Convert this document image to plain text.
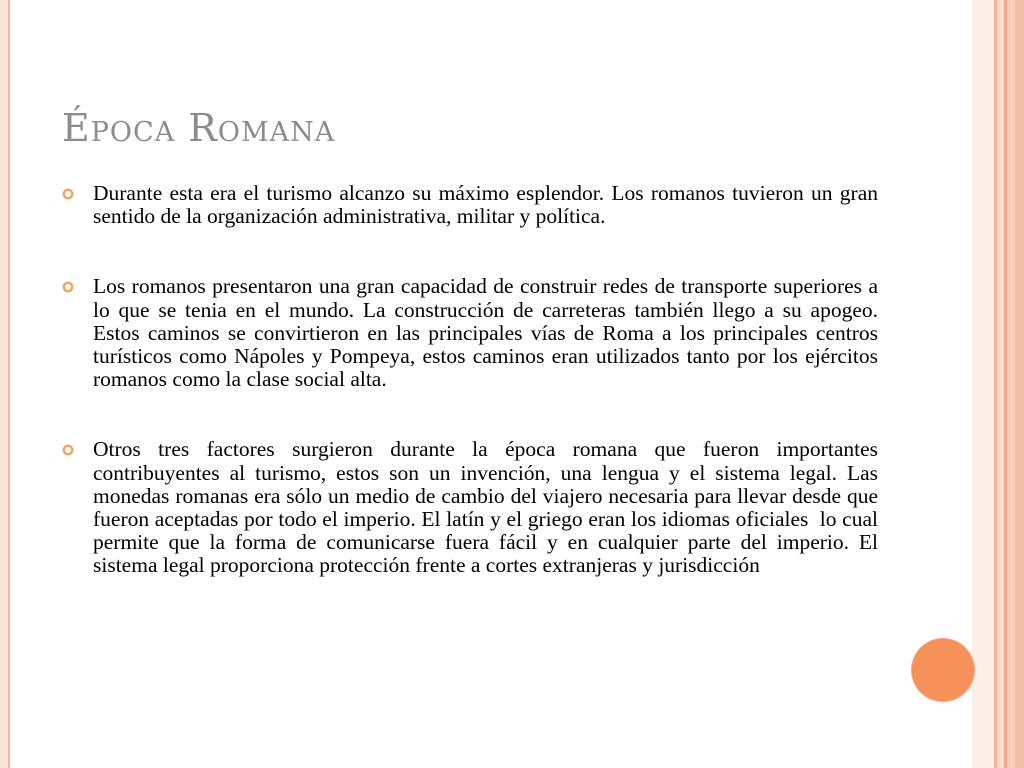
Época Romana

Durante esta era el turismo alcanzo su máximo esplendor. Los romanos tuvieron un gran sentido de la organización administrativa, militar y política.

Los romanos presentaron una gran capacidad de construir redes de transporte superiores a lo que se tenia en el mundo. La construcción de carreteras también llego a su apogeo. Estos caminos se convirtieron en las principales vías de Roma a los principales centros turísticos como Nápoles y Pompeya, estos caminos eran utilizados tanto por los ejércitos romanos como la clase social alta.

Otros tres factores surgieron durante la época romana que fueron importantes contribuyentes al turismo, estos son un invención, una lengua y el sistema legal. Las monedas romanas era sólo un medio de cambio del viajero necesaria para llevar desde que fueron aceptadas por todo el imperio. El latín y el griego eran los idiomas oficiales  lo cual permite que la forma de comunicarse fuera fácil y en cualquier parte del imperio. El sistema legal proporciona protección frente a cortes extranjeras y jurisdicción
